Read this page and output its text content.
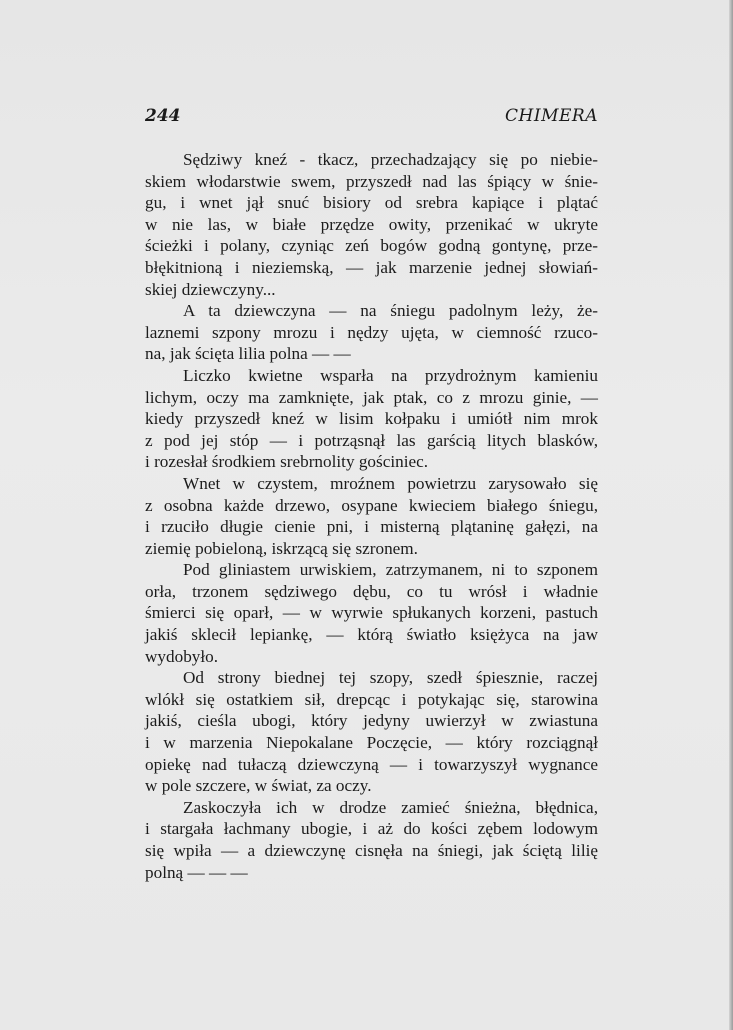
244	CHIMERA
Sędziwy kneź - tkacz, przechadzający się po niebie-
skiem włodarstwie swem, przyszedł nad las śpiący w śnie-
gu, i wnet jął snuć bisiory od srebra kapiące i plątać
w nie las, w białe przędze owity, przenikać w ukryte
ścieżki i polany, czyniąc zeń bogów godną gontynę, prze-
błękitnioną i nieziemską, — jak marzenie jednej słowiań-
skiej dziewczyny...
A ta dziewczyna — na śniegu padolnym leży, że-
laznemi szpony mrozu i nędzy ujęta, w ciemność rzuco-
na, jak ścięta lilia polna — —
Liczko kwietne wsparła na przydrożnym kamieniu
lichym, oczy ma zamknięte, jak ptak, co z mrozu ginie, —
kiedy przyszedł kneź w lisim kołpaku i umiótł nim mrok
z pod jej stóp — i potrząsnął las garścią litych blasków,
i rozesłał środkiem srebrnolity gościniec.
Wnet w czystem, mroźnem powietrzu zarysowało się
z osobna każde drzewo, osypane kwieciem białego śniegu,
i rzuciło długie cienie pni, i misterną plątaninę gałęzi, na
ziemię pobieloną, iskrzącą się szronem.
Pod gliniastem urwiskiem, zatrzymanem, ni to szponem
orła, trzonem sędziwego dębu, co tu wrósł i władnie
śmierci się oparł, — w wyrwie spłukanych korzeni, pastuch
jakiś sklecił lepiankę, — którą światło księżyca na jaw
wydobyło.
Od strony biednej tej szopy, szedł śpiesznie, raczej
wlókł się ostatkiem sił, drepcąc i potykając się, starowina
jakiś, cieśla ubogi, który jedyny uwierzył w zwiastuna
i w marzenia Niepokalane Poczęcie, — który rozciągnął
opiekę nad tułaczą dziewczyną — i towarzyszył wygnance
w pole szczere, w świat, za oczy.
Zaskoczyła ich w drodze zamieć śnieżna, błędnica,
i stargała łachmany ubogie, i aż do kości zębem lodowym
się wpiła — a dziewczynę cisnęła na śniegi, jak ściętą lilię
polną — — —
